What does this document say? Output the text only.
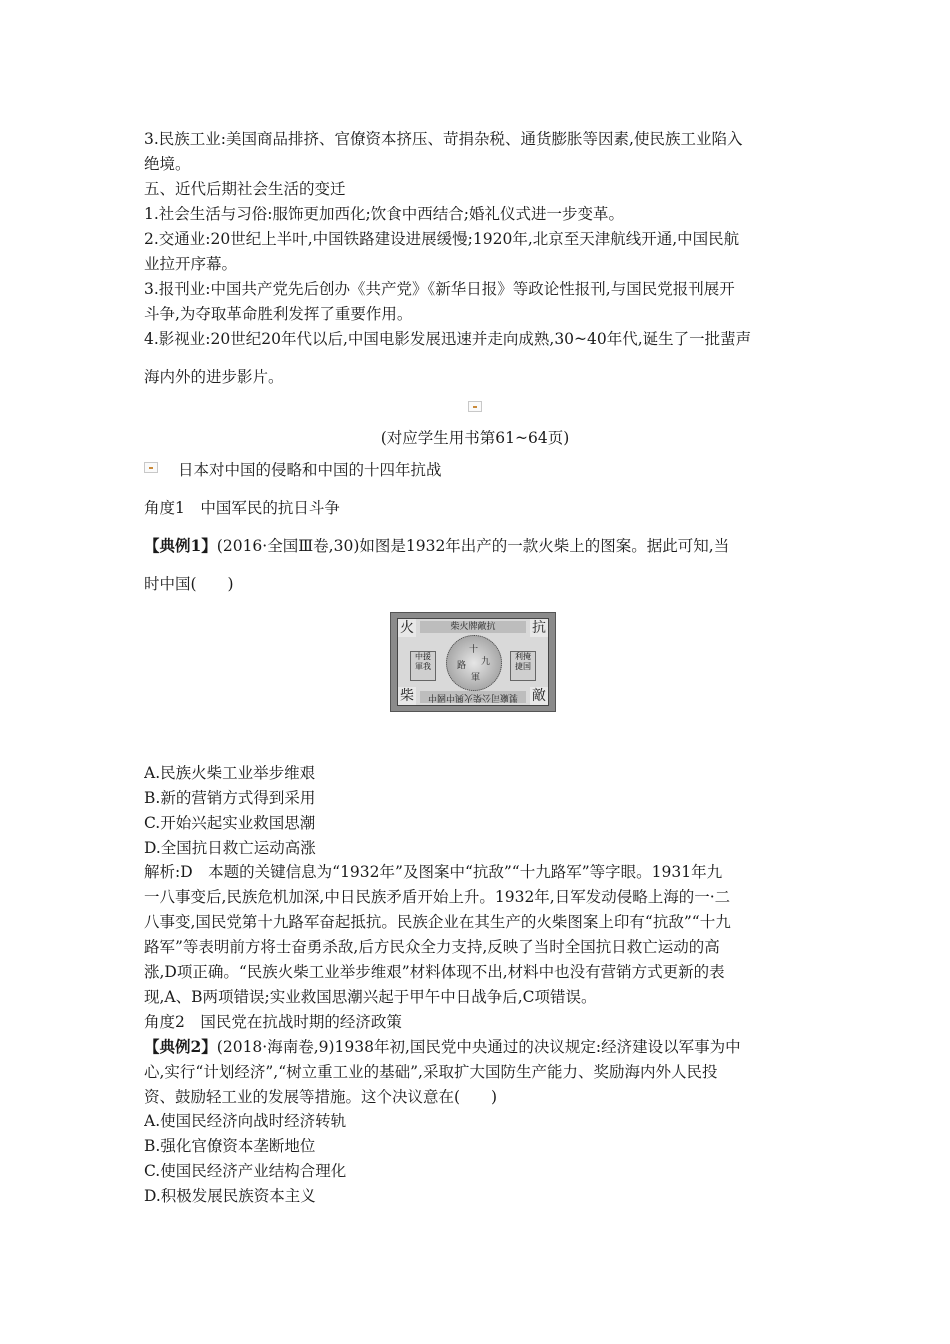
3.民族工业:美国商品排挤、官僚资本挤压、苛捐杂税、通货膨胀等因素,使民族工业陷入
绝境。
五、近代后期社会生活的变迁
1.社会生活与习俗:服饰更加西化;饮食中西结合;婚礼仪式进一步变革。
2.交通业:20世纪上半叶,中国铁路建设进展缓慢;1920年,北京至天津航线开通,中国民航
业拉开序幕。
3.报刊业:中国共产党先后创办《共产党》《新华日报》等政论性报刊,与国民党报刊展开
斗争,为夺取革命胜利发挥了重要作用。
4.影视业:20世纪20年代以后,中国电影发展迅速并走向成熟,30~40年代,诞生了一批蜚声
海内外的进步影片。
(对应学生用书第61~64页)
日本对中国的侵略和中国的十四年抗战
角度1　中国军民的抗日斗争
【典例1】(2016·全国Ⅲ卷,30)如图是1932年出产的一款火柴上的图案。据此可知,当
时中国(　　)
柴火牌敵抗
製廠司公柴火興中國中
火	抗
柴	敵
中援 軍我
利掩 捷国
十
九
路
軍
A.民族火柴工业举步维艰
B.新的营销方式得到采用
C.开始兴起实业救国思潮
D.全国抗日救亡运动高涨
解析:D　本题的关键信息为“1932年”及图案中“抗敌”“十九路军”等字眼。1931年九
一八事变后,民族危机加深,中日民族矛盾开始上升。1932年,日军发动侵略上海的一·二
八事变,国民党第十九路军奋起抵抗。民族企业在其生产的火柴图案上印有“抗敌”“十九
路军”等表明前方将士奋勇杀敌,后方民众全力支持,反映了当时全国抗日救亡运动的高
涨,D项正确。“民族火柴工业举步维艰”材料体现不出,材料中也没有营销方式更新的表
现,A、B两项错误;实业救国思潮兴起于甲午中日战争后,C项错误。
角度2　国民党在抗战时期的经济政策
【典例2】(2018·海南卷,9)1938年初,国民党中央通过的决议规定:经济建设以军事为中
心,实行“计划经济”,“树立重工业的基础”,采取扩大国防生产能力、奖励海内外人民投
资、鼓励轻工业的发展等措施。这个决议意在(　　)
A.使国民经济向战时经济转轨
B.强化官僚资本垄断地位
C.使国民经济产业结构合理化
D.积极发展民族资本主义
